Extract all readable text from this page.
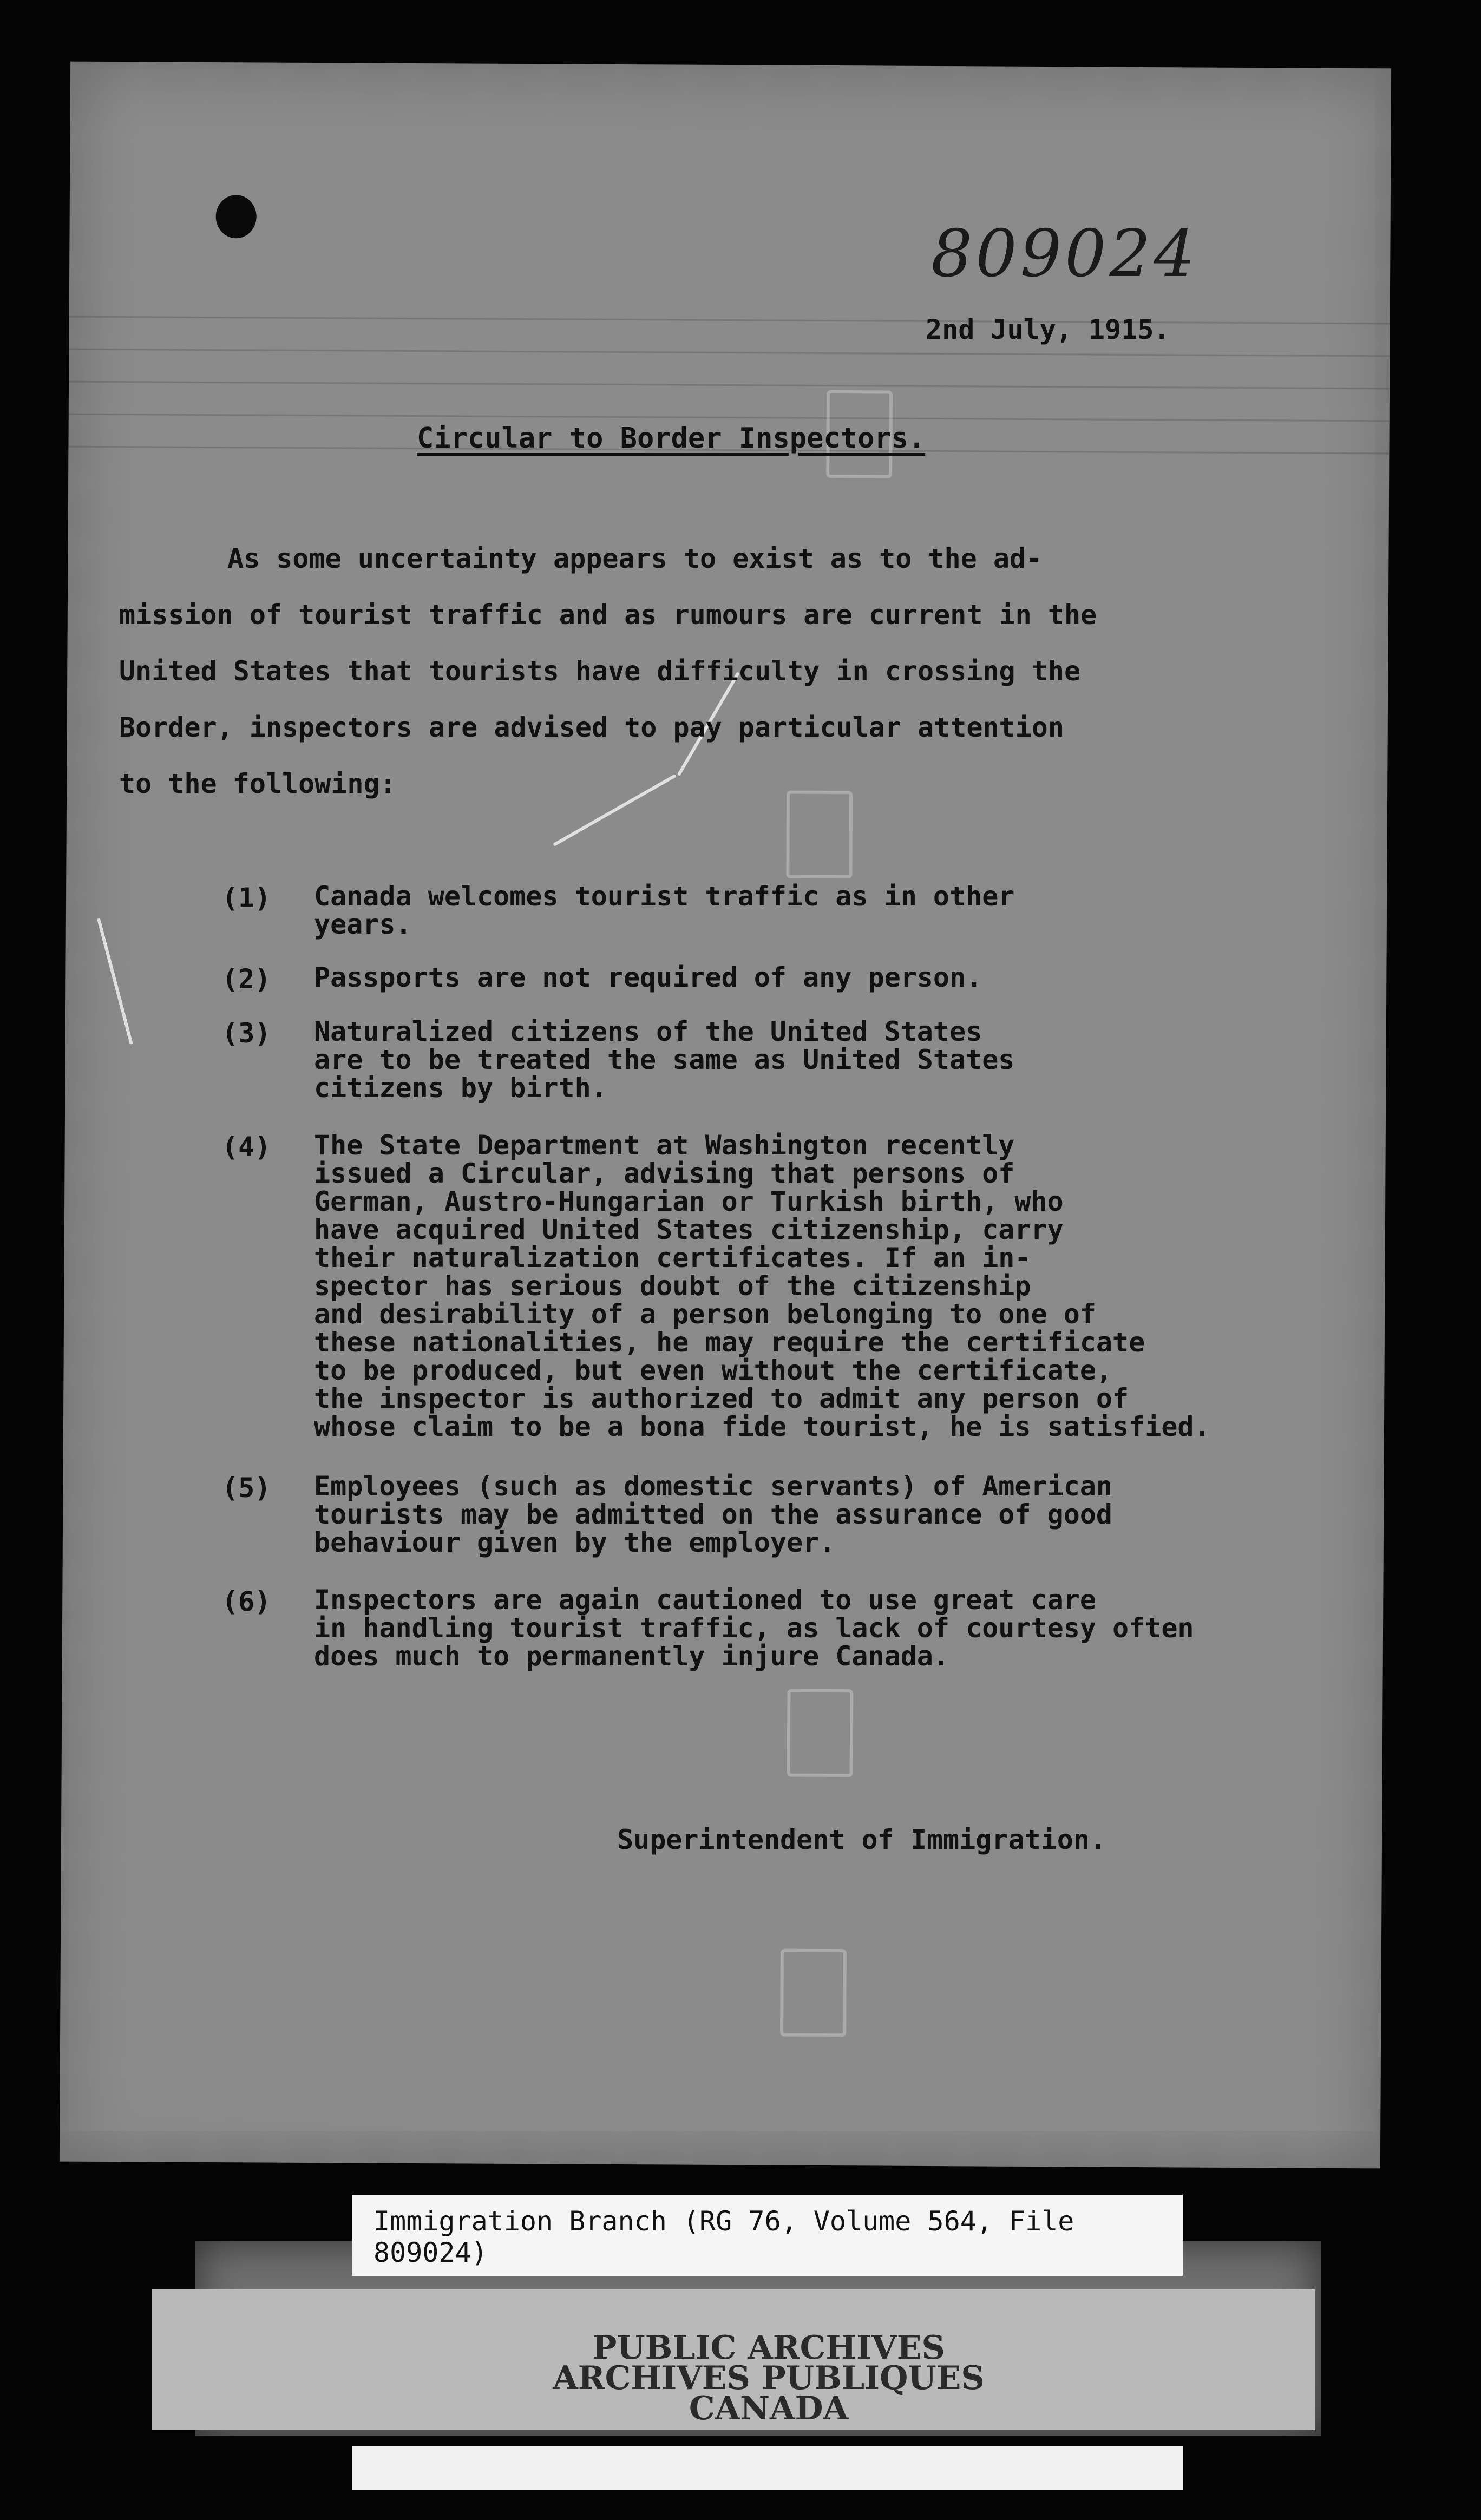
809024
2nd July, 1915.
Circular to Border Inspectors.
As some uncertainty appears to exist as to the ad-
mission of tourist traffic and as rumours are current in the
United States that tourists have difficulty in crossing the
Border, inspectors are advised to pay particular attention
to the following:
(1) Canada welcomes tourist traffic as in other
years.
(2) Passports are not required of any person.
(3) Naturalized citizens of the United States
are to be treated the same as United States
citizens by birth.
(4) The State Department at Washington recently
issued a Circular, advising that persons of
German, Austro-Hungarian or Turkish birth, who
have acquired United States citizenship, carry
their naturalization certificates. If an in-
spector has serious doubt of the citizenship
and desirability of a person belonging to one of
these nationalities, he may require the certificate
to be produced, but even without the certificate,
the inspector is authorized to admit any person of
whose claim to be a bona fide tourist, he is satisfied.
(5) Employees (such as domestic servants) of American
tourists may be admitted on the assurance of good
behaviour given by the employer.
(6) Inspectors are again cautioned to use great care
in handling tourist traffic, as lack of courtesy often
does much to permanently injure Canada.
Superintendent of Immigration.
Immigration Branch (RG 76, Volume 564, File 809024)
PUBLIC ARCHIVES
ARCHIVES PUBLIQUES
CANADA
